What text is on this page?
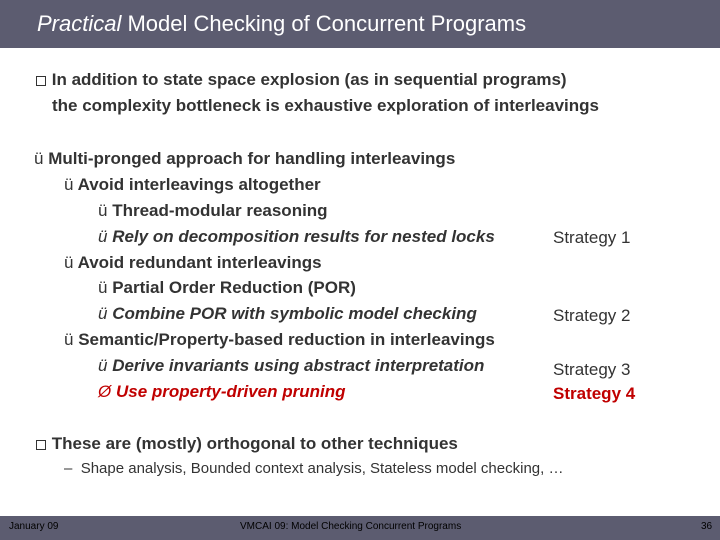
Practical Model Checking of Concurrent Programs
In addition to state space explosion (as in sequential programs)
the complexity bottleneck is exhaustive exploration of interleavings
ü Multi-pronged approach for handling interleavings
ü Avoid interleavings altogether
ü Thread-modular reasoning
ü Rely on decomposition results for nested locks	Strategy 1
ü Avoid redundant interleavings
ü Partial Order Reduction (POR)
ü Combine POR with symbolic model checking	Strategy 2
ü Semantic/Property-based reduction in interleavings
ü Derive invariants using abstract interpretation	Strategy 3
Ø Use property-driven pruning	Strategy 4
These are (mostly) orthogonal to other techniques
– Shape analysis, Bounded context analysis, Stateless model checking, …
January 09	VMCAI 09: Model Checking Concurrent Programs	36
